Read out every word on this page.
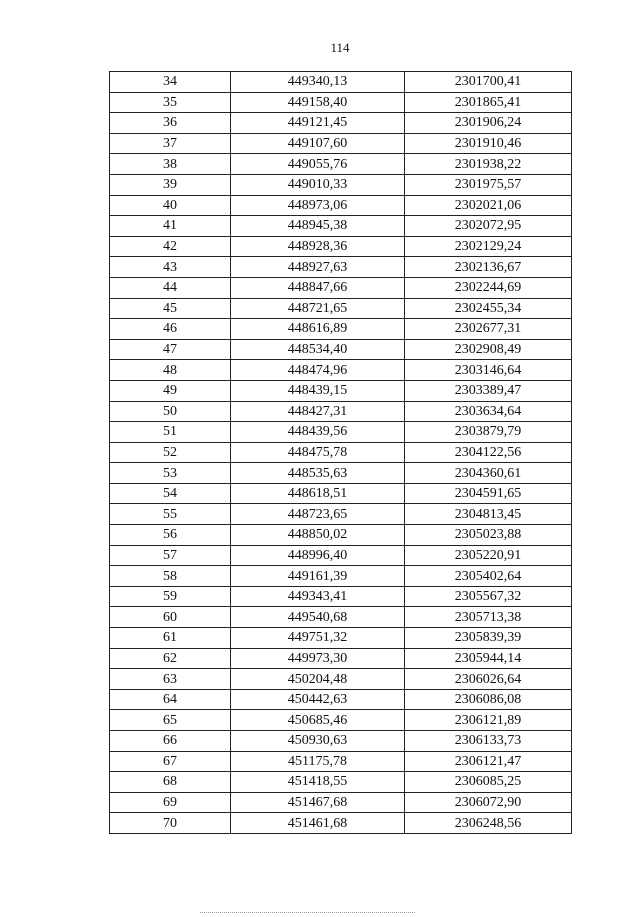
114
34	449340,13	2301700,41
35	449158,40	2301865,41
36	449121,45	2301906,24
37	449107,60	2301910,46
38	449055,76	2301938,22
39	449010,33	2301975,57
40	448973,06	2302021,06
41	448945,38	2302072,95
42	448928,36	2302129,24
43	448927,63	2302136,67
44	448847,66	2302244,69
45	448721,65	2302455,34
46	448616,89	2302677,31
47	448534,40	2302908,49
48	448474,96	2303146,64
49	448439,15	2303389,47
50	448427,31	2303634,64
51	448439,56	2303879,79
52	448475,78	2304122,56
53	448535,63	2304360,61
54	448618,51	2304591,65
55	448723,65	2304813,45
56	448850,02	2305023,88
57	448996,40	2305220,91
58	449161,39	2305402,64
59	449343,41	2305567,32
60	449540,68	2305713,38
61	449751,32	2305839,39
62	449973,30	2305944,14
63	450204,48	2306026,64
64	450442,63	2306086,08
65	450685,46	2306121,89
66	450930,63	2306133,73
67	451175,78	2306121,47
68	451418,55	2306085,25
69	451467,68	2306072,90
70	451461,68	2306248,56
